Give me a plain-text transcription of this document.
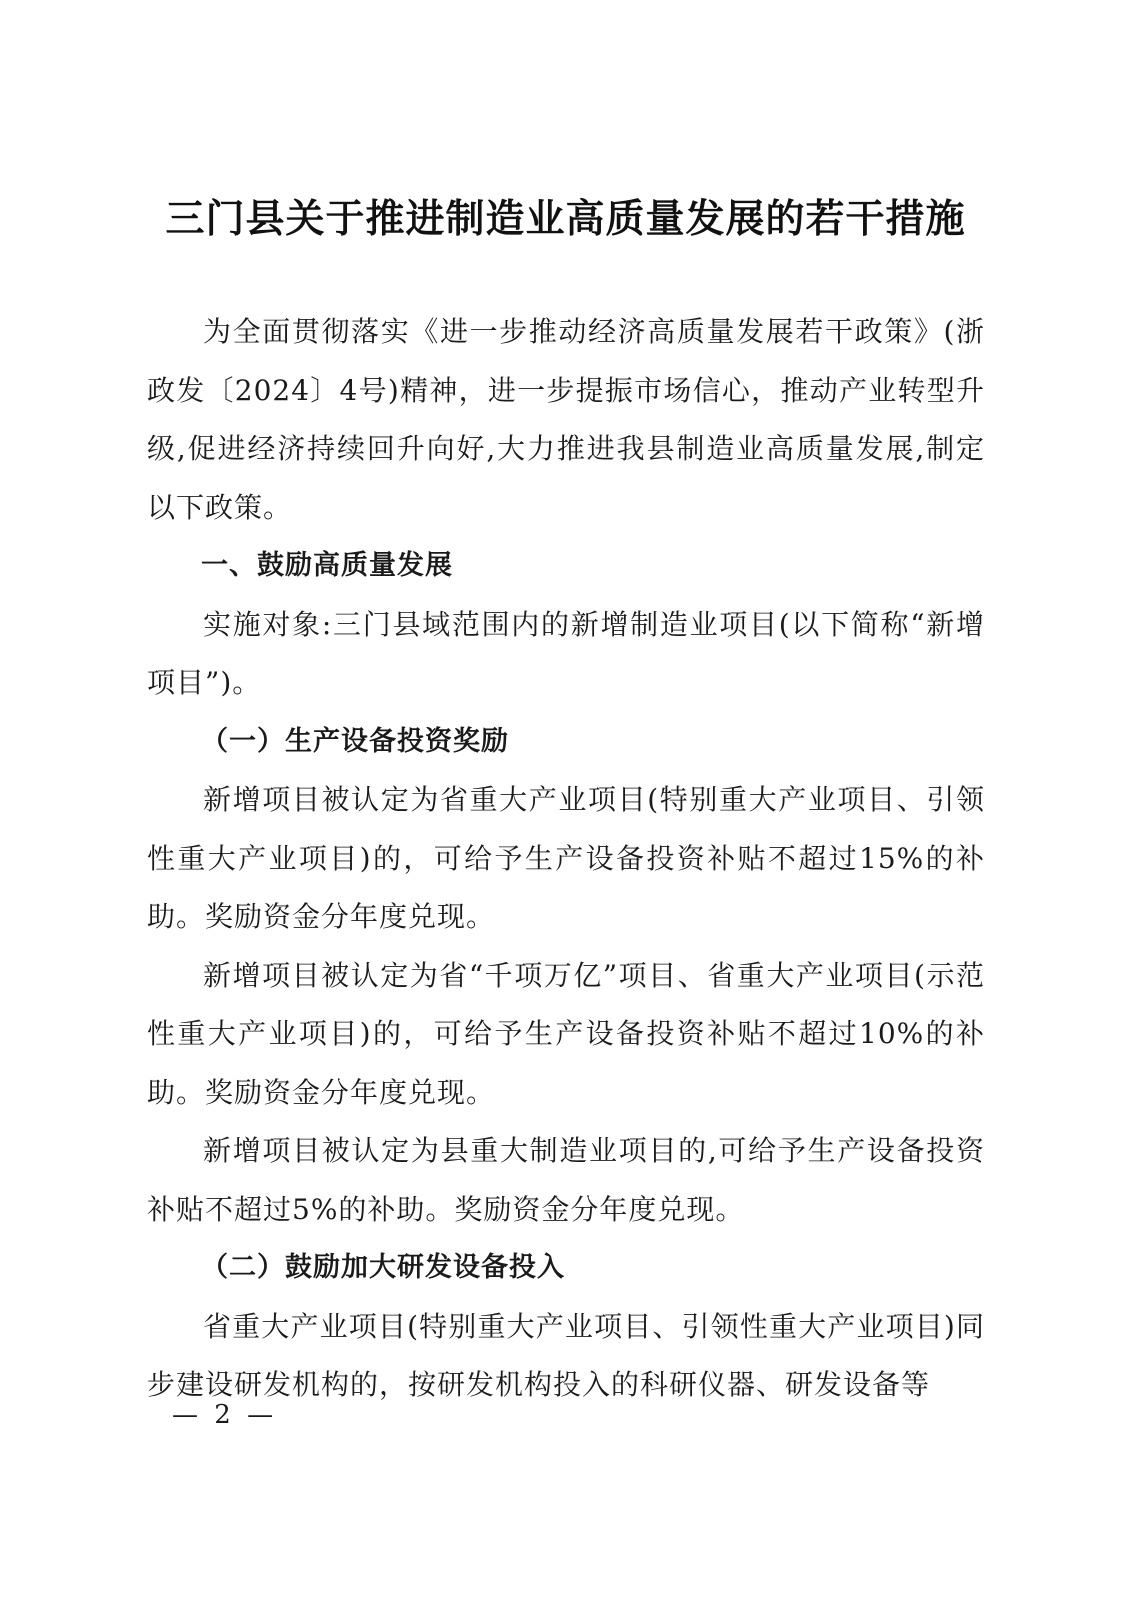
三门县关于推进制造业高质量发展的若干措施

为全面贯彻落实《进一步推动经济高质量发展若干政策》(浙政发〔2024〕4号)精神，进一步提振市场信心，推动产业转型升级,促进经济持续回升向好,大力推进我县制造业高质量发展,制定以下政策。

一、鼓励高质量发展

实施对象:三门县域范围内的新增制造业项目(以下简称“新增项目”)。

（一）生产设备投资奖励

新增项目被认定为省重大产业项目(特别重大产业项目、引领性重大产业项目)的，可给予生产设备投资补贴不超过15%的补助。奖励资金分年度兑现。

新增项目被认定为省“千项万亿”项目、省重大产业项目(示范性重大产业项目)的，可给予生产设备投资补贴不超过10%的补助。奖励资金分年度兑现。

新增项目被认定为县重大制造业项目的,可给予生产设备投资补贴不超过5%的补助。奖励资金分年度兑现。

（二）鼓励加大研发设备投入

省重大产业项目(特别重大产业项目、引领性重大产业项目)同步建设研发机构的，按研发机构投入的科研仪器、研发设备等

— 2 —
